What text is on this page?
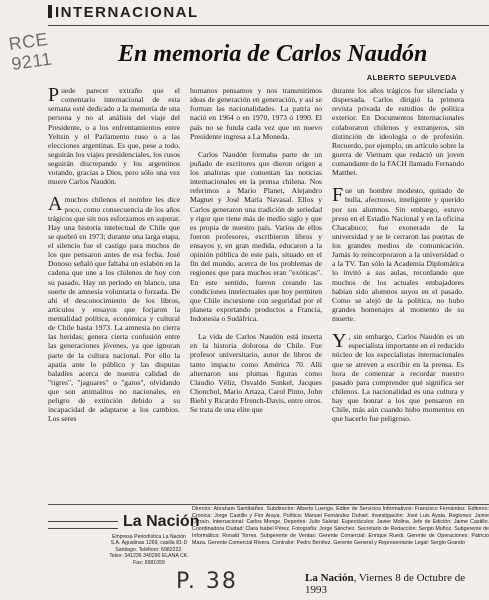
INTERNACIONAL
RCE
9211	En memoria de Carlos Naudón
ALBERTO SEPULVEDA

Puede parecer extraño que el comentario internacional de esta semana esté dedicado a la memoria de una persona y no al análisis del viaje del Presidente, o a los enfrentamientos entre Yeltsin y el Parlamento ruso o a las elecciones argentinas. Es que, pese a todo, seguirán los viajes presidenciales, los rusos seguirán discrepando y los argentinos votando, gracias a Dios, pero sólo una vez muere Carlos Naudón.

A muchos chilenos el nombre les dice poco, como consecuencia de los años trágicos que sin nos esforzamos en superar. Hay una historia intelectual de Chile que se quebró en 1973; durante una larga etapa, el silencio fue el castigo para muchos de los que pensaron antes de esa fecha. José Donoso señaló que faltaba un eslabón en la cadena que une a los chilenos de hoy con su pasado. Hay un período en blanco, una suerte de amnesia voluntaria o forzada. De ahí el desconocimiento de los libros, artículos y ensayos que forjaron la mentalidad política, económica y cultural de Chile hasta 1973. La amnesia no cierra las heridas; genera cierta confusión entre las generaciones jóvenes, ya que ignoran parte de la cultura nacional. Por ello la apatía ante lo público y las disputas baladíes acerca de nuestra calidad de "tigres", "jaguares" o "gatos", olvidando que son animalitos no nacionales, en peligro de extinción debido a su incapacidad de adaptarse a los cambios. Los seres

humanos pensamos y nos transmitimos ideas de generación en generación, y así se forman las nacionalidades. La patria no nació en 1964 o en 1970, 1973 ó 1990. El país no se funda cada vez que un nuevo Presidente ingresa a La Moneda.

Carlos Naudón formaba parte de un puñado de escritores que dieron origen a los analistas que comentan las noticias internacionales en la prensa chilena. Nos referimos a Mario Planet, Alejandro Magnet y José María Navasal. Ellos y Carlos generaron una tradición de seriedad y rigor que tiene más de medio siglo y que es propia de nuestro país. Varios de ellos fueron profesores, escribieron libros y ensayos y, en gran medida, educaron a la opinión pública de este país, situado en el fin del mundo, acerca de los problemas de regiones que para muchos eran "exóticas". En este sentido, fueron creando las condiciones intelectuales que hoy permiten que Chile incursione con seguridad por el planeta exportando productos a Francia, Indonesia o Sudáfrica.

La vida de Carlos Naudón está inserta en la historia dolorosa de Chile. Fue profesor universitario, autor de libros de tanto impacto como América 70. Allí alternaron sus plumas figuras como Claudio Véliz, Osvaldo Sunkel, Jacques Chonchol, Mario Artaza, Carol Pinto, John Biehl y Ricardo Ffrench-Davis, entre otros. Se trata de una elite que

durante los años trágicos fue silenciada y dispersada. Carlos dirigió la primera revista privada de estudios de política exterior. En Documentos Internacionales colaboraron chilenos y extranjeros, sin distinción de ideología o de profesión. Recuerdo, por ejemplo, un artículo sobre la guerra de Vietnam que redactó un joven comandante de la FACH llamado Fernando Matthei.

Fue un hombre modesto, quitado de bulla, afectuoso, inteligente y querido por sus alumnos. Sin embargo, estuvo preso en el Estadio Nacional y en la oficina Chacabuco; fue exonerado de la universidad y se le cerraron las puertas de los grandes medios de comunicación. Jamás lo reincorporaron a la universidad o a la TV. Tan sólo la Academia Diplomática lo invitó a sus aulas, recordando que muchos de los actuales embajadores habían sido alumnos suyos en el pasado. Como se alejó de la política, no hubo grandes homenajes al momento de su muerte.

Y , sin embargo, Carlos Naudón es un especialista importante en el reducido núcleo de los especialistas internacionales que se atreven a escribir en la prensa. Es hora de comenzar a recordar nuestro pasado para comprender qué significa ser chilenos. La nacionalidad es una cultura y hay que honrar a los que pensaron en Chile, más aún cuando hubo momentos en que hacerlo fue peligroso.

La Nación
Empresa Periodística La Nación S.A. Agustinas 1269, casilla 81-D Santiago. Teléfono: 6982222. Telex: 341236 340290 ELANA CK. Fax: 6981059
Director: Abraham Santibáñez. Subdirector: Alberto Luengo. Editor de Servicios Informativos: Francisco Fernández. Editores: Cronica: Jorge Castillo y Flor Araya. Política: Manuel Fernández Duhart. Investigación: José Luis Ayala. Regiones: Jaime Larraín. Internacional: Carlos Monge. Deportes: Julio Salviat. Espectáculos: Javier Molina. Jefe de Edición: Jaime Castillo. Coordinadora Ciudad: Clara Isabel Pérez. Fotografía: Jorge Sánchez. Secretario de Redacción: Sergio Muñoz. Subgerente de Informática: Ronald Torres. Subgerente de Ventas: Gerente Comercial: Enrique Ruedi. Gerente de Operaciones: Patricio Maza. Gerente Comercial Rivera. Contralor: Pedro Benítez. Gerente General y Representante Legal: Sergio Grando
P. 38	La Nación, Viernes 8 de Octubre de 1993
